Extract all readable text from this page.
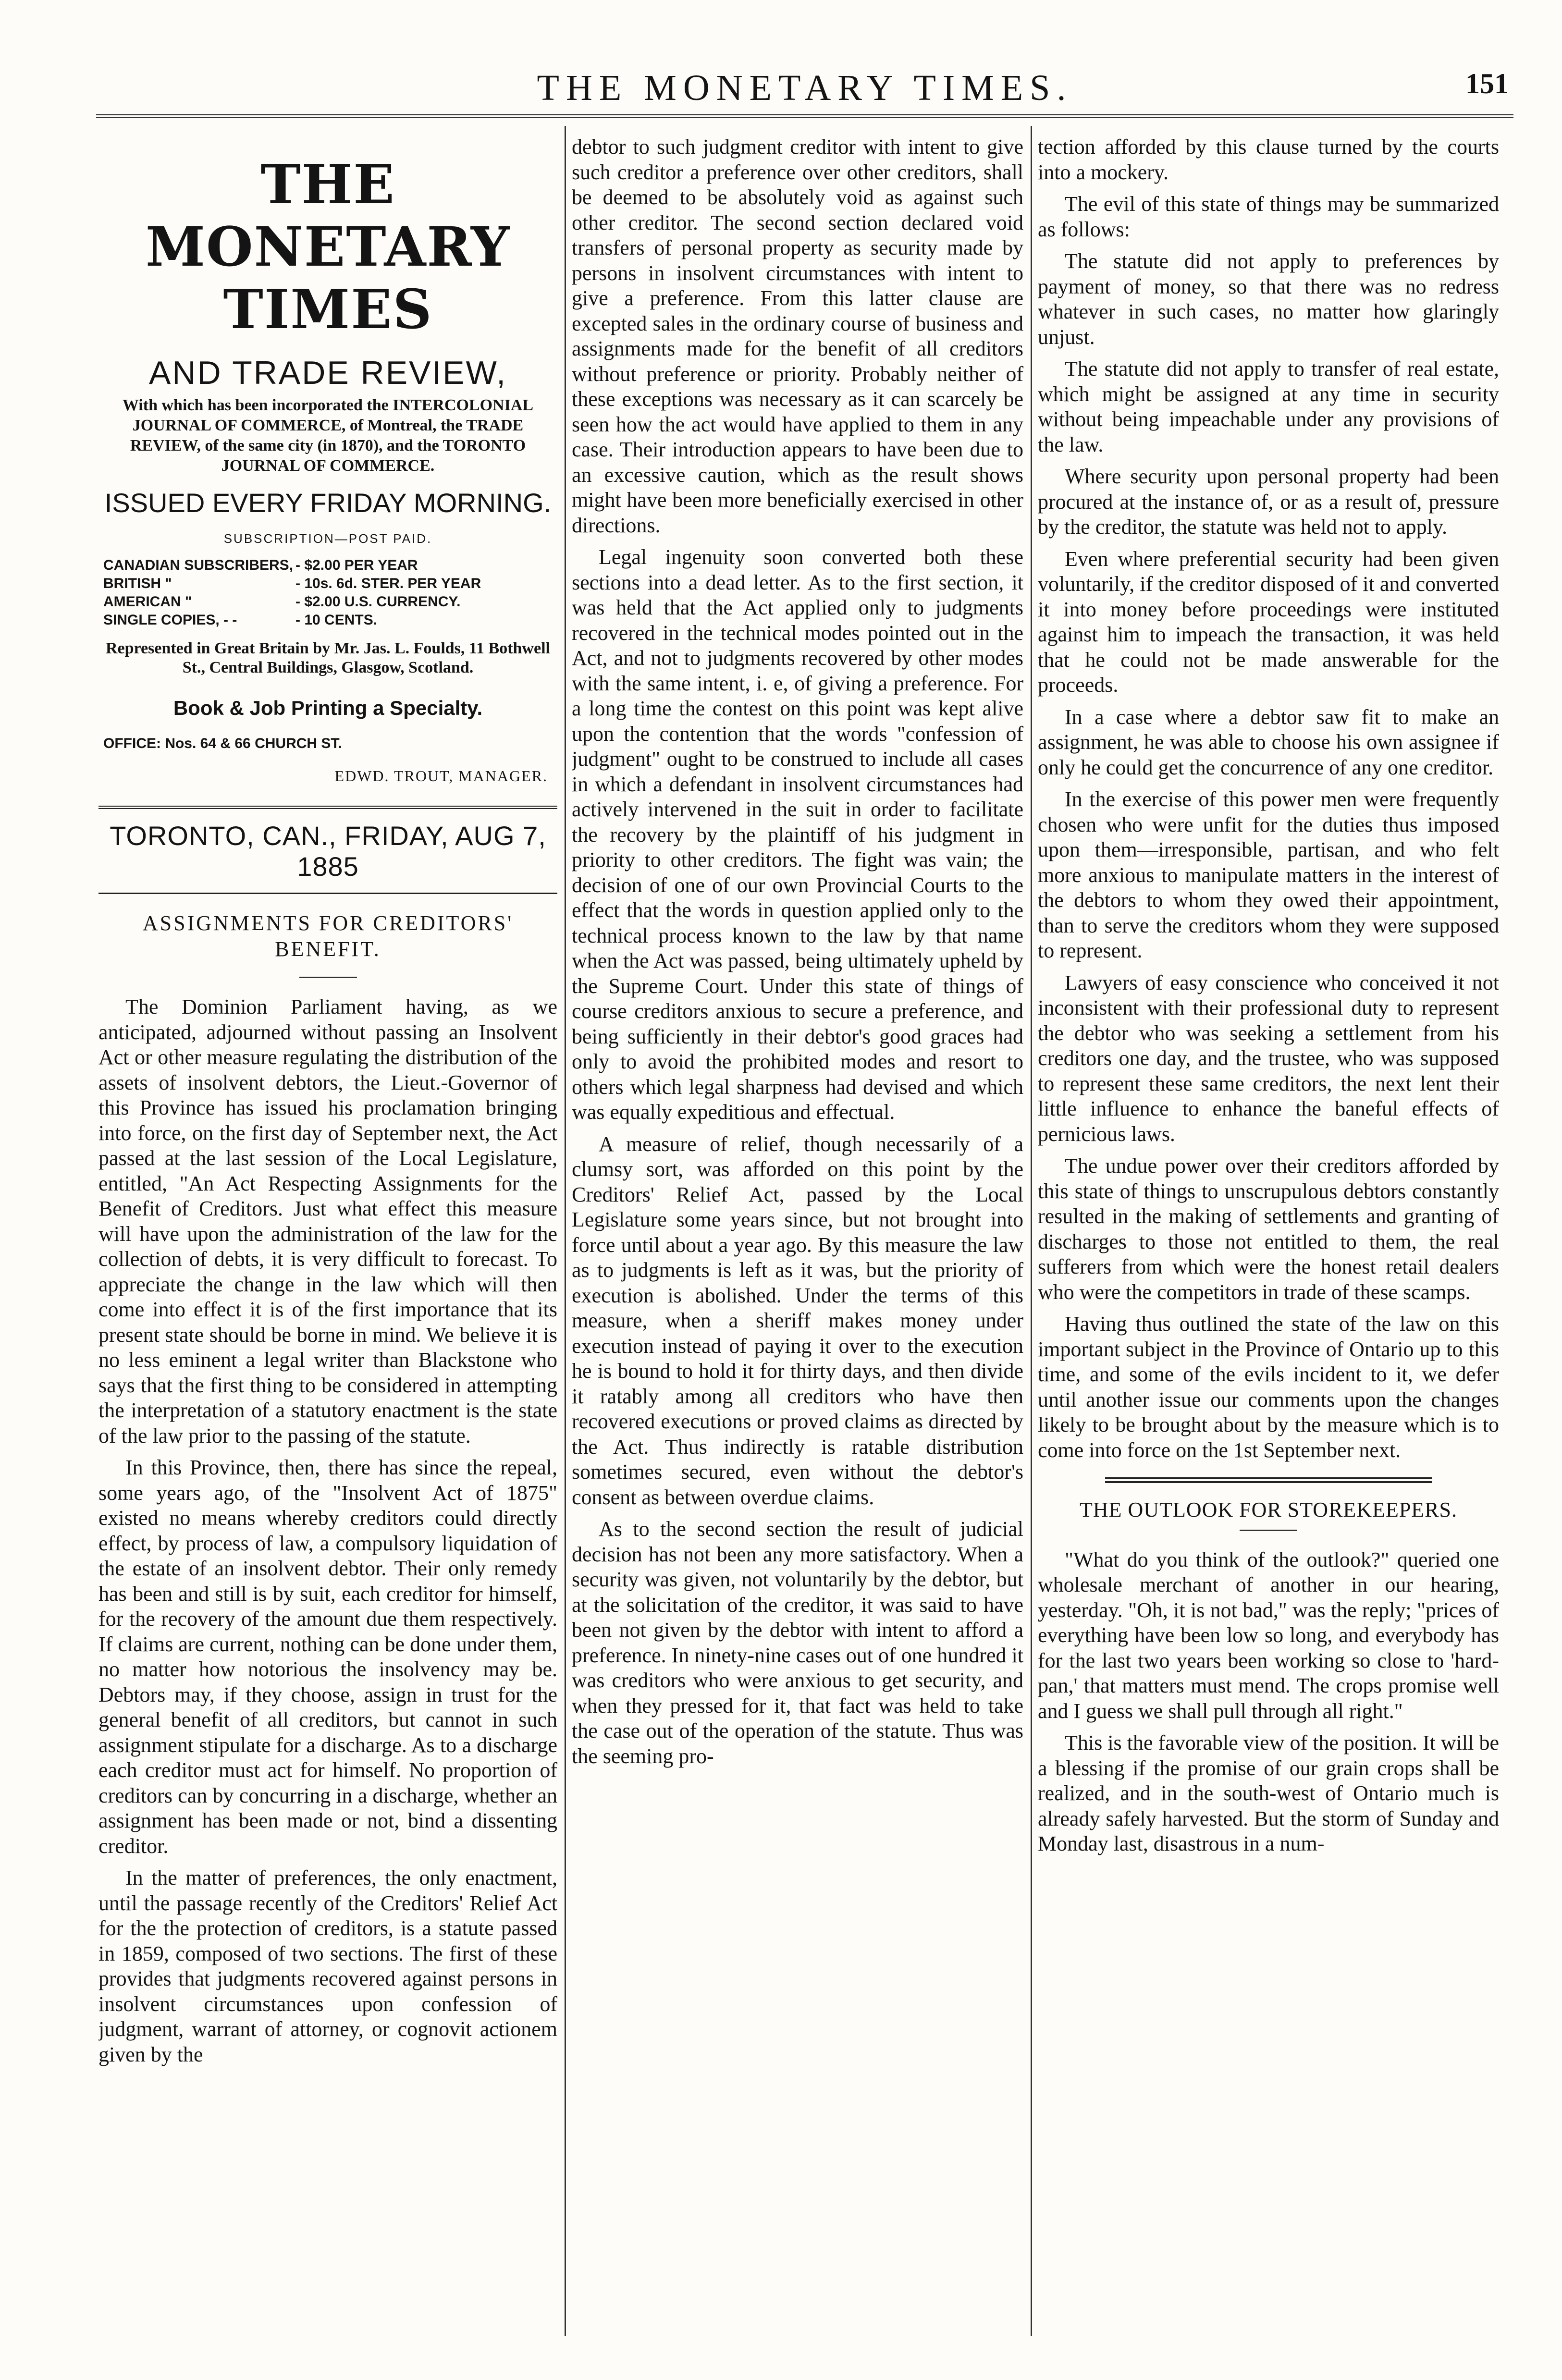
THE MONETARY TIMES.	151
THE MONETARY TIMES
AND TRADE REVIEW,
With which has been incorporated the INTERCOLONIAL JOURNAL OF COMMERCE, of Montreal, the TRADE REVIEW, of the same city (in 1870), and the TORONTO JOURNAL OF COMMERCE.
ISSUED EVERY FRIDAY MORNING.
SUBSCRIPTION—POST PAID.
CANADIAN SUBSCRIBERS, - $2.00 PER YEAR
BRITISH "	- 10s. 6d. STER. PER YEAR
AMERICAN "	- $2.00 U.S. CURRENCY.
SINGLE COPIES, - -	- 10 CENTS.
Represented in Great Britain by Mr. Jas. L. Foulds, 11 Bothwell St., Central Buildings, Glasgow, Scotland.
Book & Job Printing a Specialty.
OFFICE: Nos. 64 & 66 CHURCH ST.
EDWD. TROUT, MANAGER.
TORONTO, CAN., FRIDAY, AUG 7, 1885
ASSIGNMENTS FOR CREDITORS' BENEFIT.

The Dominion Parliament having, as we anticipated, adjourned without passing an Insolvent Act or other measure regulating the distribution of the assets of insolvent debtors, the Lieut.-Governor of this Province has issued his proclamation bringing into force, on the first day of September next, the Act passed at the last session of the Local Legislature, entitled, "An Act Respecting Assignments for the Benefit of Creditors. Just what effect this measure will have upon the administration of the law for the collection of debts, it is very difficult to forecast. To appreciate the change in the law which will then come into effect it is of the first importance that its present state should be borne in mind. We believe it is no less eminent a legal writer than Blackstone who says that the first thing to be considered in attempting the interpretation of a statutory enactment is the state of the law prior to the passing of the statute.

In this Province, then, there has since the repeal, some years ago, of the "Insolvent Act of 1875" existed no means whereby creditors could directly effect, by process of law, a compulsory liquidation of the estate of an insolvent debtor. Their only remedy has been and still is by suit, each creditor for himself, for the recovery of the amount due them respectively. If claims are current, nothing can be done under them, no matter how notorious the insolvency may be. Debtors may, if they choose, assign in trust for the general benefit of all creditors, but cannot in such assignment stipulate for a discharge. As to a discharge each creditor must act for himself. No proportion of creditors can by concurring in a discharge, whether an assignment has been made or not, bind a dissenting creditor.

In the matter of preferences, the only enactment, until the passage recently of the Creditors' Relief Act for the the protection of creditors, is a statute passed in 1859, composed of two sections. The first of these provides that judgments recovered against persons in insolvent circumstances upon confession of judgment, warrant of attorney, or cognovit actionem given by the

debtor to such judgment creditor with intent to give such creditor a preference over other creditors, shall be deemed to be absolutely void as against such other creditor. The second section declared void transfers of personal property as security made by persons in insolvent circumstances with intent to give a preference. From this latter clause are excepted sales in the ordinary course of business and assignments made for the benefit of all creditors without preference or priority. Probably neither of these exceptions was necessary as it can scarcely be seen how the act would have applied to them in any case. Their introduction appears to have been due to an excessive caution, which as the result shows might have been more beneficially exercised in other directions.

Legal ingenuity soon converted both these sections into a dead letter. As to the first section, it was held that the Act applied only to judgments recovered in the technical modes pointed out in the Act, and not to judgments recovered by other modes with the same intent, i. e, of giving a preference. For a long time the contest on this point was kept alive upon the contention that the words "confession of judgment" ought to be construed to include all cases in which a defendant in insolvent circumstances had actively intervened in the suit in order to facilitate the recovery by the plaintiff of his judgment in priority to other creditors. The fight was vain; the decision of one of our own Provincial Courts to the effect that the words in question applied only to the technical process known to the law by that name when the Act was passed, being ultimately upheld by the Supreme Court. Under this state of things of course creditors anxious to secure a preference, and being sufficiently in their debtor's good graces had only to avoid the prohibited modes and resort to others which legal sharpness had devised and which was equally expeditious and effectual.

A measure of relief, though necessarily of a clumsy sort, was afforded on this point by the Creditors' Relief Act, passed by the Local Legislature some years since, but not brought into force until about a year ago. By this measure the law as to judgments is left as it was, but the priority of execution is abolished. Under the terms of this measure, when a sheriff makes money under execution instead of paying it over to the execution he is bound to hold it for thirty days, and then divide it ratably among all creditors who have then recovered executions or proved claims as directed by the Act. Thus indirectly is ratable distribution sometimes secured, even without the debtor's consent as between overdue claims.

As to the second section the result of judicial decision has not been any more satisfactory. When a security was given, not voluntarily by the debtor, but at the solicitation of the creditor, it was said to have been not given by the debtor with intent to afford a preference. In ninety-nine cases out of one hundred it was creditors who were anxious to get security, and when they pressed for it, that fact was held to take the case out of the operation of the statute. Thus was the seeming pro-

tection afforded by this clause turned by the courts into a mockery.

The evil of this state of things may be summarized as follows:

The statute did not apply to preferences by payment of money, so that there was no redress whatever in such cases, no matter how glaringly unjust.

The statute did not apply to transfer of real estate, which might be assigned at any time in security without being impeachable under any provisions of the law.

Where security upon personal property had been procured at the instance of, or as a result of, pressure by the creditor, the statute was held not to apply.

Even where preferential security had been given voluntarily, if the creditor disposed of it and converted it into money before proceedings were instituted against him to impeach the transaction, it was held that he could not be made answerable for the proceeds.

In a case where a debtor saw fit to make an assignment, he was able to choose his own assignee if only he could get the concurrence of any one creditor.

In the exercise of this power men were frequently chosen who were unfit for the duties thus imposed upon them—irresponsible, partisan, and who felt more anxious to manipulate matters in the interest of the debtors to whom they owed their appointment, than to serve the creditors whom they were supposed to represent.

Lawyers of easy conscience who conceived it not inconsistent with their professional duty to represent the debtor who was seeking a settlement from his creditors one day, and the trustee, who was supposed to represent these same creditors, the next lent their little influence to enhance the baneful effects of pernicious laws.

The undue power over their creditors afforded by this state of things to unscrupulous debtors constantly resulted in the making of settlements and granting of discharges to those not entitled to them, the real sufferers from which were the honest retail dealers who were the competitors in trade of these scamps.

Having thus outlined the state of the law on this important subject in the Province of Ontario up to this time, and some of the evils incident to it, we defer until another issue our comments upon the changes likely to be brought about by the measure which is to come into force on the 1st September next.

THE OUTLOOK FOR STOREKEEPERS.

"What do you think of the outlook?" queried one wholesale merchant of another in our hearing, yesterday. "Oh, it is not bad," was the reply; "prices of everything have been low so long, and everybody has for the last two years been working so close to 'hard-pan,' that matters must mend. The crops promise well and I guess we shall pull through all right."

This is the favorable view of the position. It will be a blessing if the promise of our grain crops shall be realized, and in the south-west of Ontario much is already safely harvested. But the storm of Sunday and Monday last, disastrous in a num-
